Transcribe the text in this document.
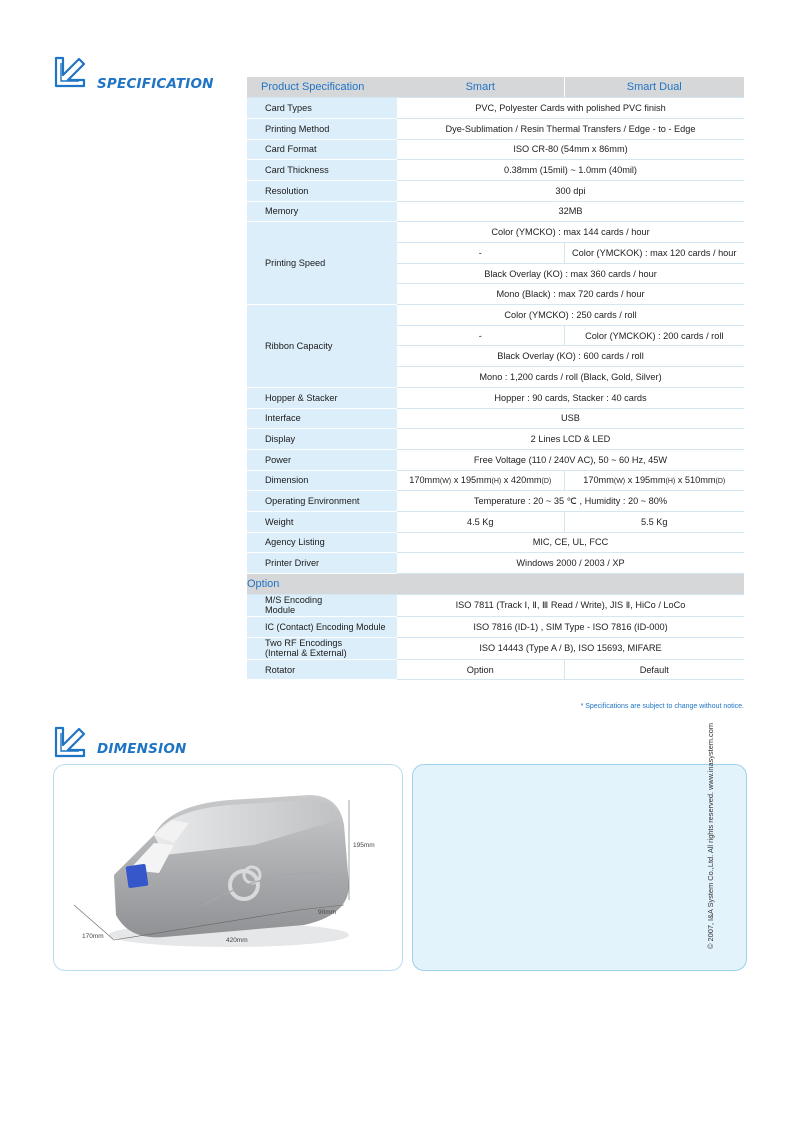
SPECIFICATION	Product Specification	Smart	Smart Dual
Card Types	PVC, Polyester Cards with polished PVC finish	
Printing Method	Dye-Sublimation / Resin Thermal Transfers / Edge - to - Edge	
Card Format	ISO CR-80 (54mm x 86mm)	
Card Thickness	0.38mm (15mil) ~ 1.0mm (40mil)	
Resolution	300 dpi	
Memory	32MB	
Printing Speed	Color (YMCKO) : max 144 cards / hour	
	-	Color (YMCKOK) : max 120 cards / hour
	Black Overlay (KO) : max 360 cards / hour	
	Mono (Black) : max 720 cards / hour	
Ribbon Capacity	Color (YMCKO) : 250 cards / roll	
	-	Color (YMCKOK) : 200 cards / roll
	Black Overlay (KO) : 600 cards / roll	
	Mono : 1,200 cards / roll (Black, Gold, Silver)	
Hopper & Stacker	Hopper : 90 cards, Stacker : 40 cards	
Interface	USB	
Display	2 Lines LCD & LED	
Power	Free Voltage (110 / 240V AC), 50 ~ 60 Hz, 45W	
Dimension	170mm(W) x 195mm(H) x 420mm(D)	170mm(W) x 195mm(H) x 510mm(D)
Operating Environment	Temperature : 20 ~ 35 ℃ , Humidity : 20 ~ 80%	
Weight	4.5 Kg	5.5 Kg
Agency Listing	MIC, CE, UL, FCC	
Printer Driver	Windows 2000 / 2003 / XP	
Option		
M/S Encoding
Module	ISO 7811 (Track Ⅰ, Ⅱ, Ⅲ Read / Write), JIS Ⅱ, HiCo / LoCo	
IC (Contact) Encoding Module	ISO 7816 (ID-1) , SIM Type - ISO 7816 (ID-000)	
Two RF Encodings
(Internal & External)	ISO 14443 (Type A / B), ISO 15693, MIFARE	
Rotator	Option	Default
* Specifications are subject to change without notice.
DIMENSION
195mm
90mm
170mm
420mm	© 2007, I&A System Co.,Ltd. All rights reserved. www.inasystem.com
